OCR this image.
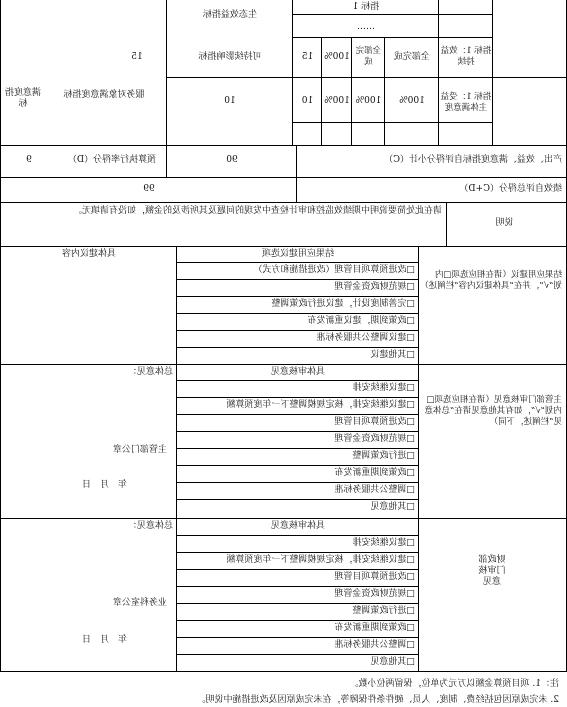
指标 1
……
生态效益指标
可持续影响指标
指标 1：效益持续
全部完成
全部完成
100%
15
15
服务对象满意度指标	指标 1：受益主体满意度
100%
100%
100%
10
10
满意度指标
产出、效益、满意度指标自评得分小计（C）
90
预算执行率得分（D）
9
绩效自评总得分（C+D）
99
说明
请在此处简要说明中期绩效监控和审计检查中发现的问题及其所涉及的金额，如没有请填无。
结果应用建议（请在相应选项□内划“√”，并在“具体建议内容”栏阐述）
结果应用建议选项
具体建议内容
□改进预算项目管理（改进措施和方式）
□规范财政资金管理
□完善制度设计，建议进行政策调整
□政策到期，建议重新发布
□建议调整公共服务标准
□其他建议
主管部门审核意见（请在相应选项□内划“√”，如有其他意见请在“总体意见”栏阐述，下同）
具体审核意见
总体意见：
主管部门公章
年　月　日
□建议继续安排
□建议继续安排，核定规模调整下一年度预算额
□改进预算项目管理
□规范财政资金管理
□进行政策调整
□政策到期重新发布
□调整公共服务标准
□其他意见
财政部门审核意见
具体审核意见
总体意见：
业务科室公章
年　月　日
□建议继续安排
□建议继续安排，核定规模调整下一年度预算额
□改进预算项目管理
□规范财政资金管理
□进行政策调整
□政策到期重新发布
□调整公共服务标准
□其他意见
注：1. 项目预算金额以万元为单位，保留两位小数。
2. 未完成原因包括经费、制度、人员、硬件条件保障等，在未完成原因及改进措施中说明。
